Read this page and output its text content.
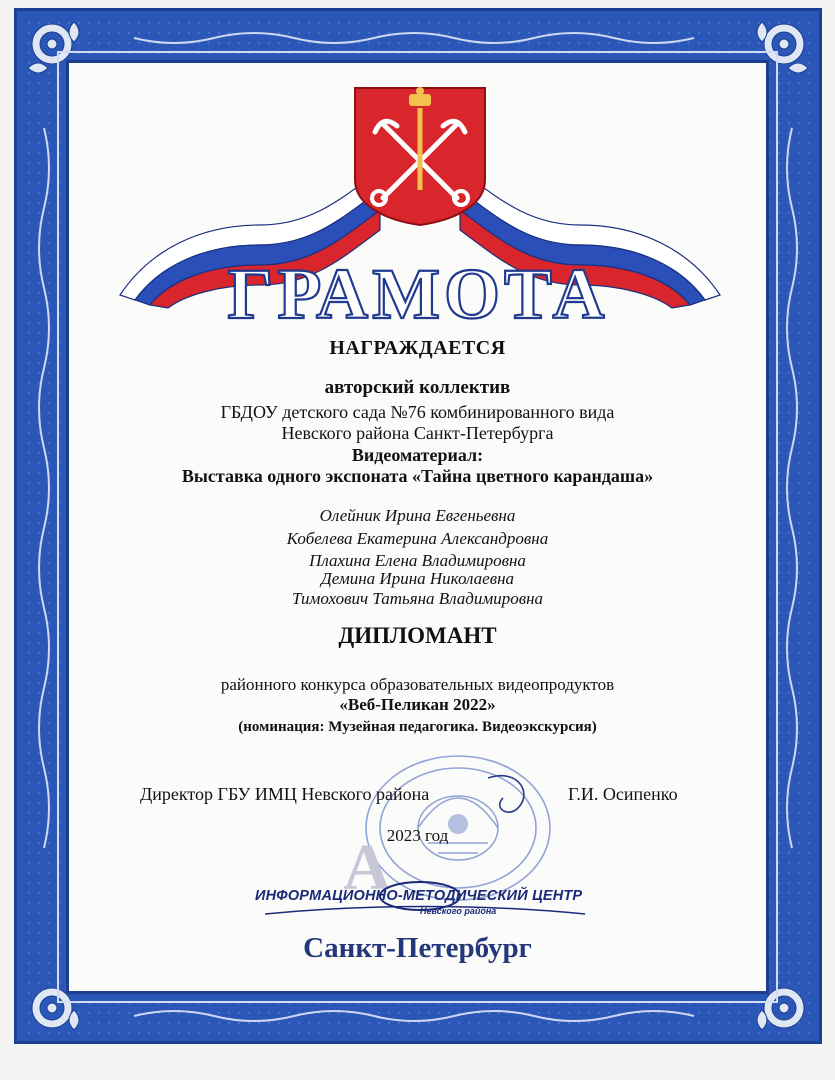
ГРАМОТА
НАГРАЖДАЕТСЯ
авторский коллектив
ГБДОУ детского сада №76 комбинированного вида
Невского района Санкт-Петербурга
Видеоматериал:
Выставка одного экспоната «Тайна цветного карандаша»
Олейник Ирина Евгеньевна
Кобелева Екатерина Александровна
Плахина Елена Владимировна
Демина Ирина Николаевна
Тимохович Татьяна Владимировна
ДИПЛОМАНТ
районного конкурса образовательных видеопродуктов
«Веб-Пеликан 2022»
(номинация: Музейная педагогика. Видеоэкскурсия)
Директор ГБУ ИМЦ Невского района	Г.И. Осипенко
2023 год
А
ИНФОРМАЦИОННО-МЕТОДИЧЕСКИЙ ЦЕНТР
Невского района
Санкт-Петербург
